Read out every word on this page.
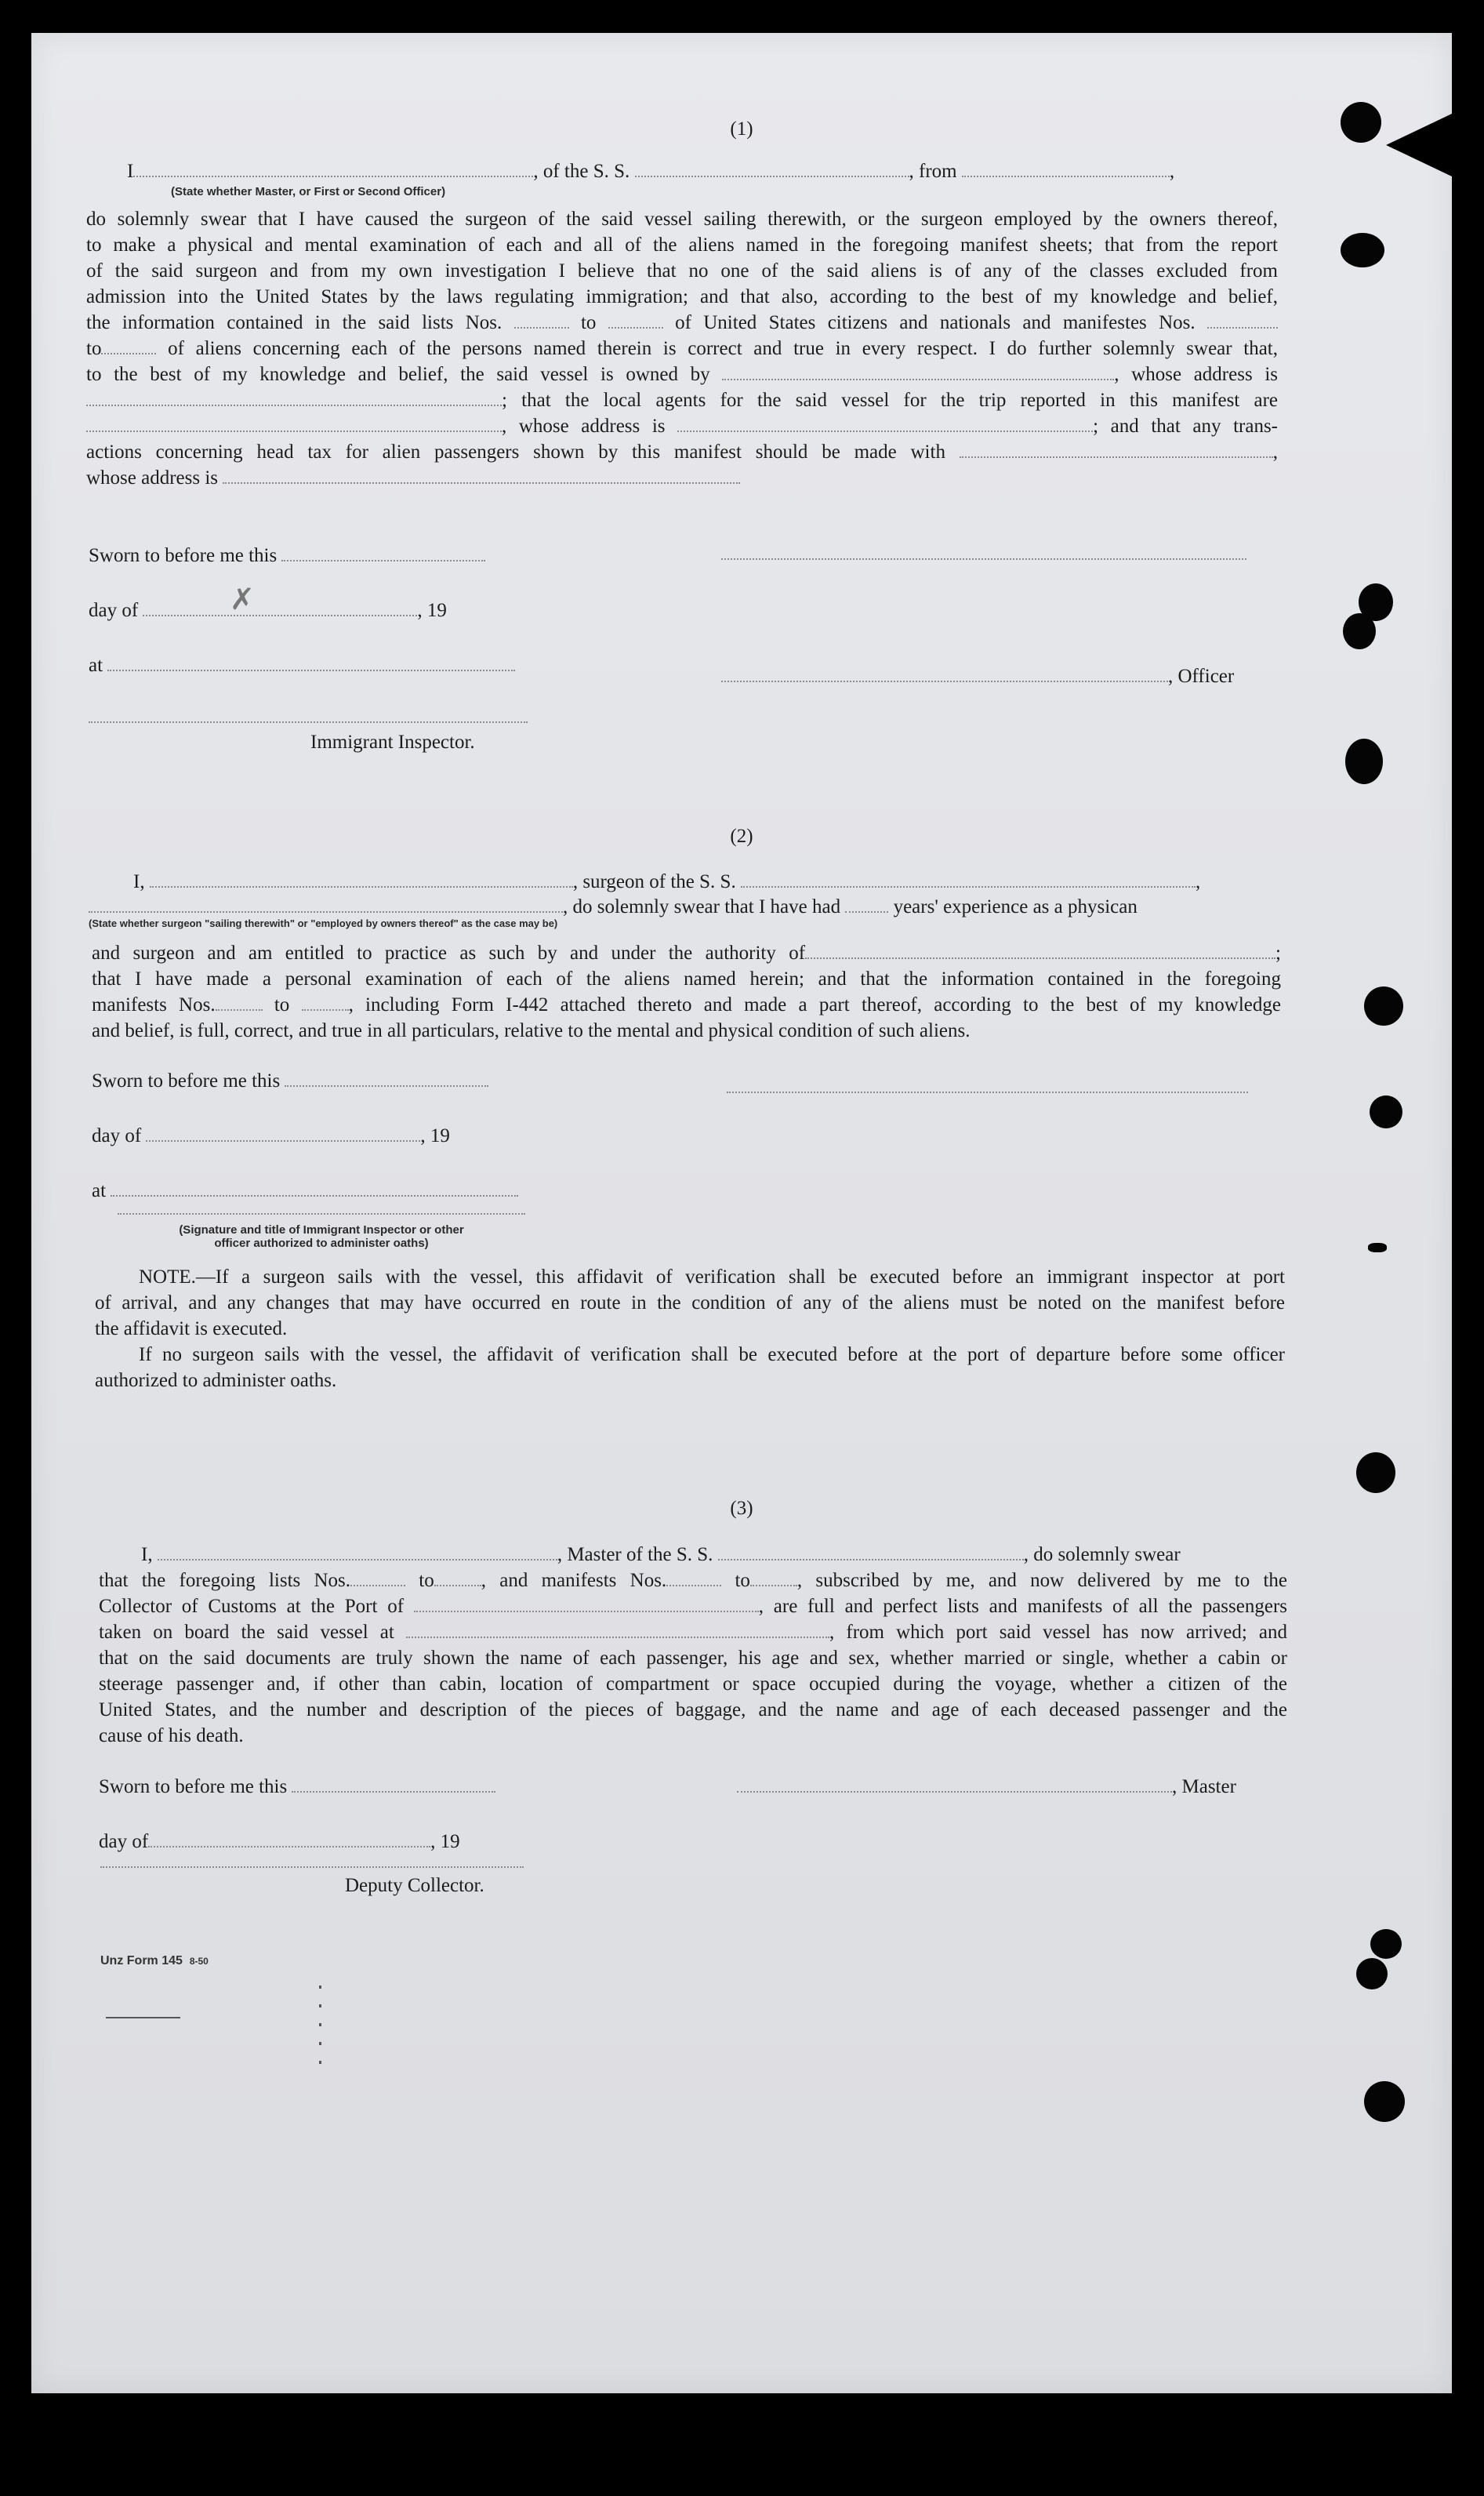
(1)
I	, of the S. S.	, from	,
(State whether Master, or First or Second Officer)
do solemnly swear that I have caused the surgeon of the said vessel sailing therewith, or the surgeon employed by the owners thereof,
to make a physical and mental examination of each and all of the aliens named in the foregoing manifest sheets; that from the report
of the said surgeon and from my own investigation I believe that no one of the said aliens is of any of the classes excluded from
admission into the United States by the laws regulating immigration; and that also, according to the best of my knowledge and belief,
the information contained in the said lists Nos.	to	of United States citizens and nationals and manifestes Nos.
to	of aliens concerning each of the persons named therein is correct and true in every respect. I do further solemnly swear that,
to the best of my knowledge and belief, the said vessel is owned by	, whose address is
; that the local agents for the said vessel for the trip reported in this manifest are
, whose address is	; and that any trans-
actions concerning head tax for alien passengers shown by this manifest should be made with	,
whose address is
Sworn to before me this
day of	, 19
✗
at
, Officer
Immigrant Inspector.
(2)
I,	, surgeon of the S. S.	,
, do solemnly swear that I have had	years' experience as a physican
(State whether surgeon "sailing therewith" or "employed by owners thereof" as the case may be)
and surgeon and am entitled to practice as such by and under the authority of	;
that I have made a personal examination of each of the aliens named herein; and that the information contained in the foregoing
manifests Nos.	to	, including Form I-442 attached thereto and made a part thereof, according to the best of my knowledge
and belief, is full, correct, and true in all particulars, relative to the mental and physical condition of such aliens.
Sworn to before me this
day of	, 19
at
(Signature and title of Immigrant Inspector or other
officer authorized to administer oaths)
NOTE.—If a surgeon sails with the vessel, this affidavit of verification shall be executed before an immigrant inspector at port
of arrival, and any changes that may have occurred en route in the condition of any of the aliens must be noted on the manifest before
the affidavit is executed.
If no surgeon sails with the vessel, the affidavit of verification shall be executed before at the port of departure before some officer
authorized to administer oaths.
(3)
I,	, Master of the S. S.	, do solemnly swear
that the foregoing lists Nos.	to , and manifests Nos.	to , subscribed by me, and now delivered by me to the
Collector of Customs at the Port of	, are full and perfect lists and manifests of all the passengers
taken on board the said vessel at	, from which port said vessel has now arrived; and
that on the said documents are truly shown the name of each passenger, his age and sex, whether married or single, whether a cabin or
steerage passenger and, if other than cabin, location of compartment or space occupied during the voyage, whether a citizen of the
United States, and the number and description of the pieces of baggage, and the name and age of each deceased passenger and the
cause of his death.
Sworn to before me this	, Master
day of	, 19
Deputy Collector.
Unz Form 145 8-50
